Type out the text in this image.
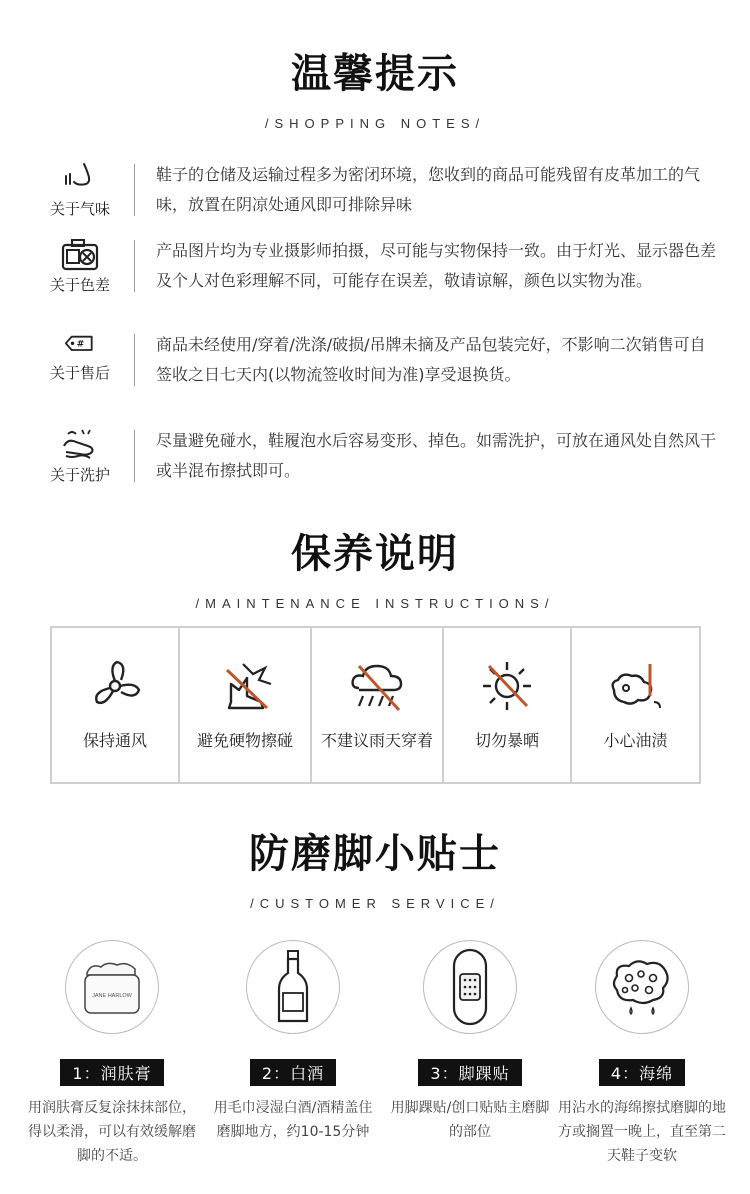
温馨提示
/SHOPPING NOTES/
关于气味
鞋子的仓储及运输过程多为密闭环境，您收到的商品可能残留有皮革加工的气味，放置在阴凉处通风即可排除异味
关于色差
产品图片均为专业摄影师拍摄，尽可能与实物保持一致。由于灯光、显示器色差及个人对色彩理解不同，可能存在误差，敬请谅解，颜色以实物为准。
#
关于售后
商品未经使用/穿着/洗涤/破损/吊牌未摘及产品包装完好，不影响二次销售可自签收之日七天内(以物流签收时间为准)享受退换货。
关于洗护
尽量避免碰水，鞋履泡水后容易变形、掉色。如需洗护，可放在通风处自然风干或半混布擦拭即可。
保养说明
/MAINTENANCE INSTRUCTIONS/
保持通风	避免硬物擦碰	不建议雨天穿着	切勿暴晒	小心油渍
防磨脚小贴士
/CUSTOMER SERVICE/
JANE HARLOW
1：润肤膏
用润肤膏反复涂抹抹部位，得以柔滑，可以有效缓解磨脚的不适。
2：白酒
用毛巾浸湿白酒/酒精盖住磨脚地方，约10-15分钟
3：脚踝贴
用脚踝贴/创口贴贴主磨脚的部位
4：海绵
用沾水的海绵擦拭磨脚的地方或搁置一晚上，直至第二天鞋子变软
